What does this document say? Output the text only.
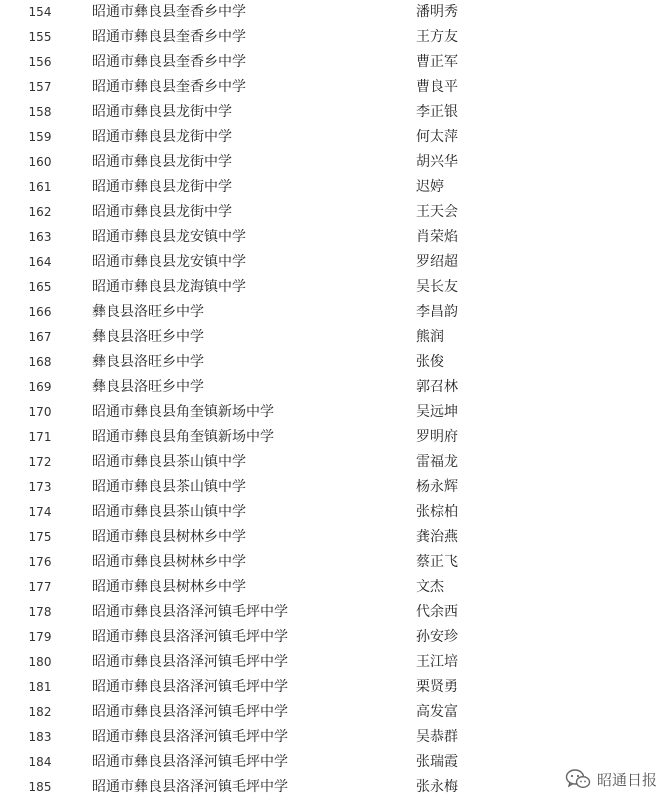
154	昭通市彝良县奎香乡中学	潘明秀
155	昭通市彝良县奎香乡中学	王方友
156	昭通市彝良县奎香乡中学	曹正军
157	昭通市彝良县奎香乡中学	曹良平
158	昭通市彝良县龙街中学	李正银
159	昭通市彝良县龙街中学	何太萍
160	昭通市彝良县龙街中学	胡兴华
161	昭通市彝良县龙街中学	迟婷
162	昭通市彝良县龙街中学	王天会
163	昭通市彝良县龙安镇中学	肖荣焰
164	昭通市彝良县龙安镇中学	罗绍超
165	昭通市彝良县龙海镇中学	吴长友
166	彝良县洛旺乡中学	李昌韵
167	彝良县洛旺乡中学	熊润
168	彝良县洛旺乡中学	张俊
169	彝良县洛旺乡中学	郭召林
170	昭通市彝良县角奎镇新场中学	吴远坤
171	昭通市彝良县角奎镇新场中学	罗明府
172	昭通市彝良县茶山镇中学	雷福龙
173	昭通市彝良县茶山镇中学	杨永辉
174	昭通市彝良县茶山镇中学	张棕柏
175	昭通市彝良县树林乡中学	龚治燕
176	昭通市彝良县树林乡中学	蔡正飞
177	昭通市彝良县树林乡中学	文杰
178	昭通市彝良县洛泽河镇毛坪中学	代余西
179	昭通市彝良县洛泽河镇毛坪中学	孙安珍
180	昭通市彝良县洛泽河镇毛坪中学	王江培
181	昭通市彝良县洛泽河镇毛坪中学	栗贤勇
182	昭通市彝良县洛泽河镇毛坪中学	高发富
183	昭通市彝良县洛泽河镇毛坪中学	吴恭群
184	昭通市彝良县洛泽河镇毛坪中学	张瑞霞
185	昭通市彝良县洛泽河镇毛坪中学	张永梅	昭通日报
